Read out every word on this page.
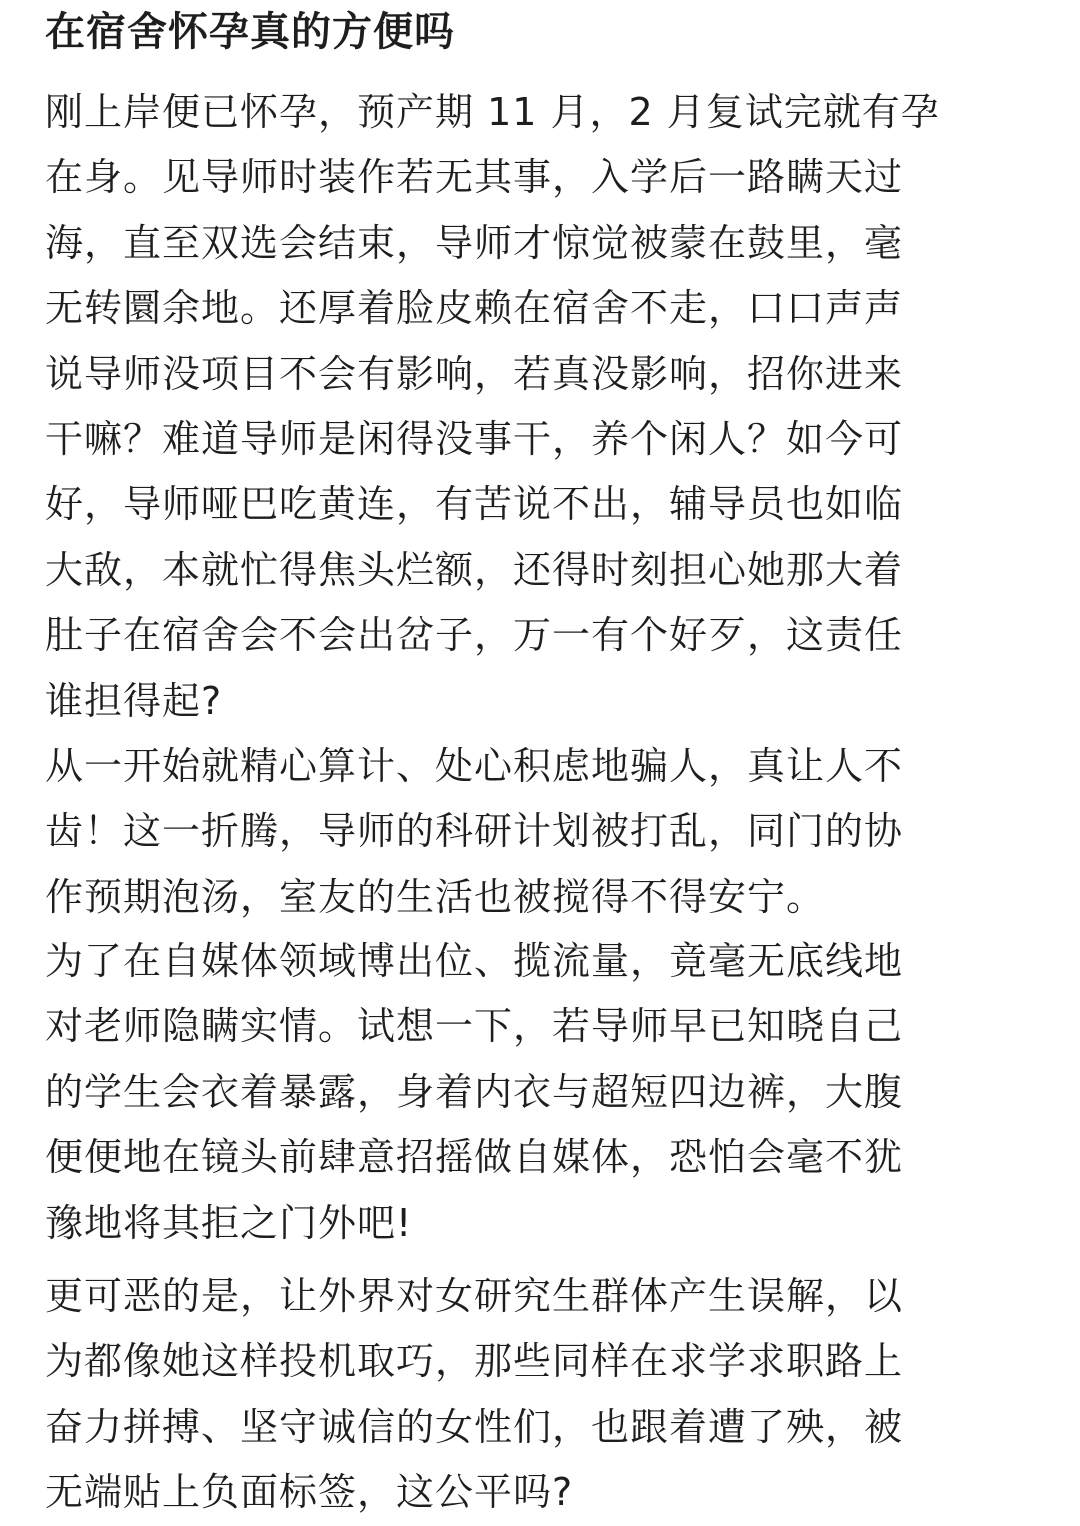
在宿舍怀孕真的方便吗
刚上岸便已怀孕，预产期 11 月，2 月复试完就有孕
在身。见导师时装作若无其事，入学后一路瞒天过
海，直至双选会结束，导师才惊觉被蒙在鼓里，毫
无转圜余地。还厚着脸皮赖在宿舍不走，口口声声
说导师没项目不会有影响，若真没影响，招你进来
干嘛？难道导师是闲得没事干，养个闲人？如今可
好，导师哑巴吃黄连，有苦说不出，辅导员也如临
大敌，本就忙得焦头烂额，还得时刻担心她那大着
肚子在宿舍会不会出岔子，万一有个好歹，这责任
谁担得起?
从一开始就精心算计、处心积虑地骗人，真让人不
齿！这一折腾，导师的科研计划被打乱，同门的协
作预期泡汤，室友的生活也被搅得不得安宁。
为了在自媒体领域博出位、揽流量，竟毫无底线地
对老师隐瞒实情。试想一下，若导师早已知晓自己
的学生会衣着暴露，身着内衣与超短四边裤，大腹
便便地在镜头前肆意招摇做自媒体，恐怕会毫不犹
豫地将其拒之门外吧!
更可恶的是，让外界对女研究生群体产生误解，以
为都像她这样投机取巧，那些同样在求学求职路上
奋力拼搏、坚守诚信的女性们，也跟着遭了殃，被
无端贴上负面标签，这公平吗?
